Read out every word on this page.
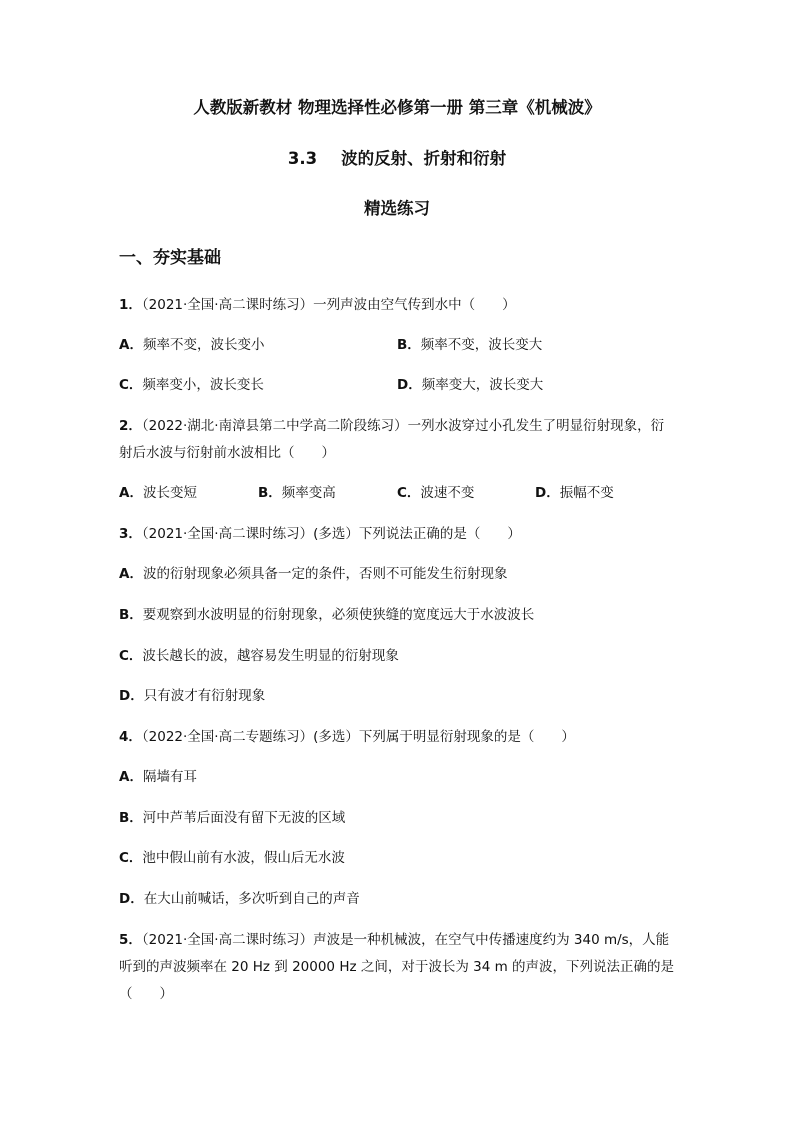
人教版新教材 物理选择性必修第一册 第三章《机械波》
3.3 波的反射、折射和衍射
精选练习
一、夯实基础
1．（2021·全国·高二课时练习）一列声波由空气传到水中（　　）
A．频率不变，波长变小	B．频率不变，波长变大
C．频率变小，波长变长	D．频率变大，波长变大
2．（2022·湖北·南漳县第二中学高二阶段练习）一列水波穿过小孔发生了明显衍射现象，衍
射后水波与衍射前水波相比（　　）
A．波长变短	B．频率变高	C．波速不变	D．振幅不变
3．（2021·全国·高二课时练习）(多选）下列说法正确的是（　　）
A．波的衍射现象必须具备一定的条件，否则不可能发生衍射现象
B．要观察到水波明显的衍射现象，必须使狭缝的宽度远大于水波波长
C．波长越长的波，越容易发生明显的衍射现象
D．只有波才有衍射现象
4．（2022·全国·高二专题练习）(多选）下列属于明显衍射现象的是（　　）
A．隔墙有耳
B．河中芦苇后面没有留下无波的区域
C．池中假山前有水波，假山后无水波
D．在大山前喊话，多次听到自己的声音
5．（2021·全国·高二课时练习）声波是一种机械波，在空气中传播速度约为 340 m/s，人能
听到的声波频率在 20 Hz 到 20000 Hz 之间，对于波长为 34 m 的声波，下列说法正确的是
（　　）
